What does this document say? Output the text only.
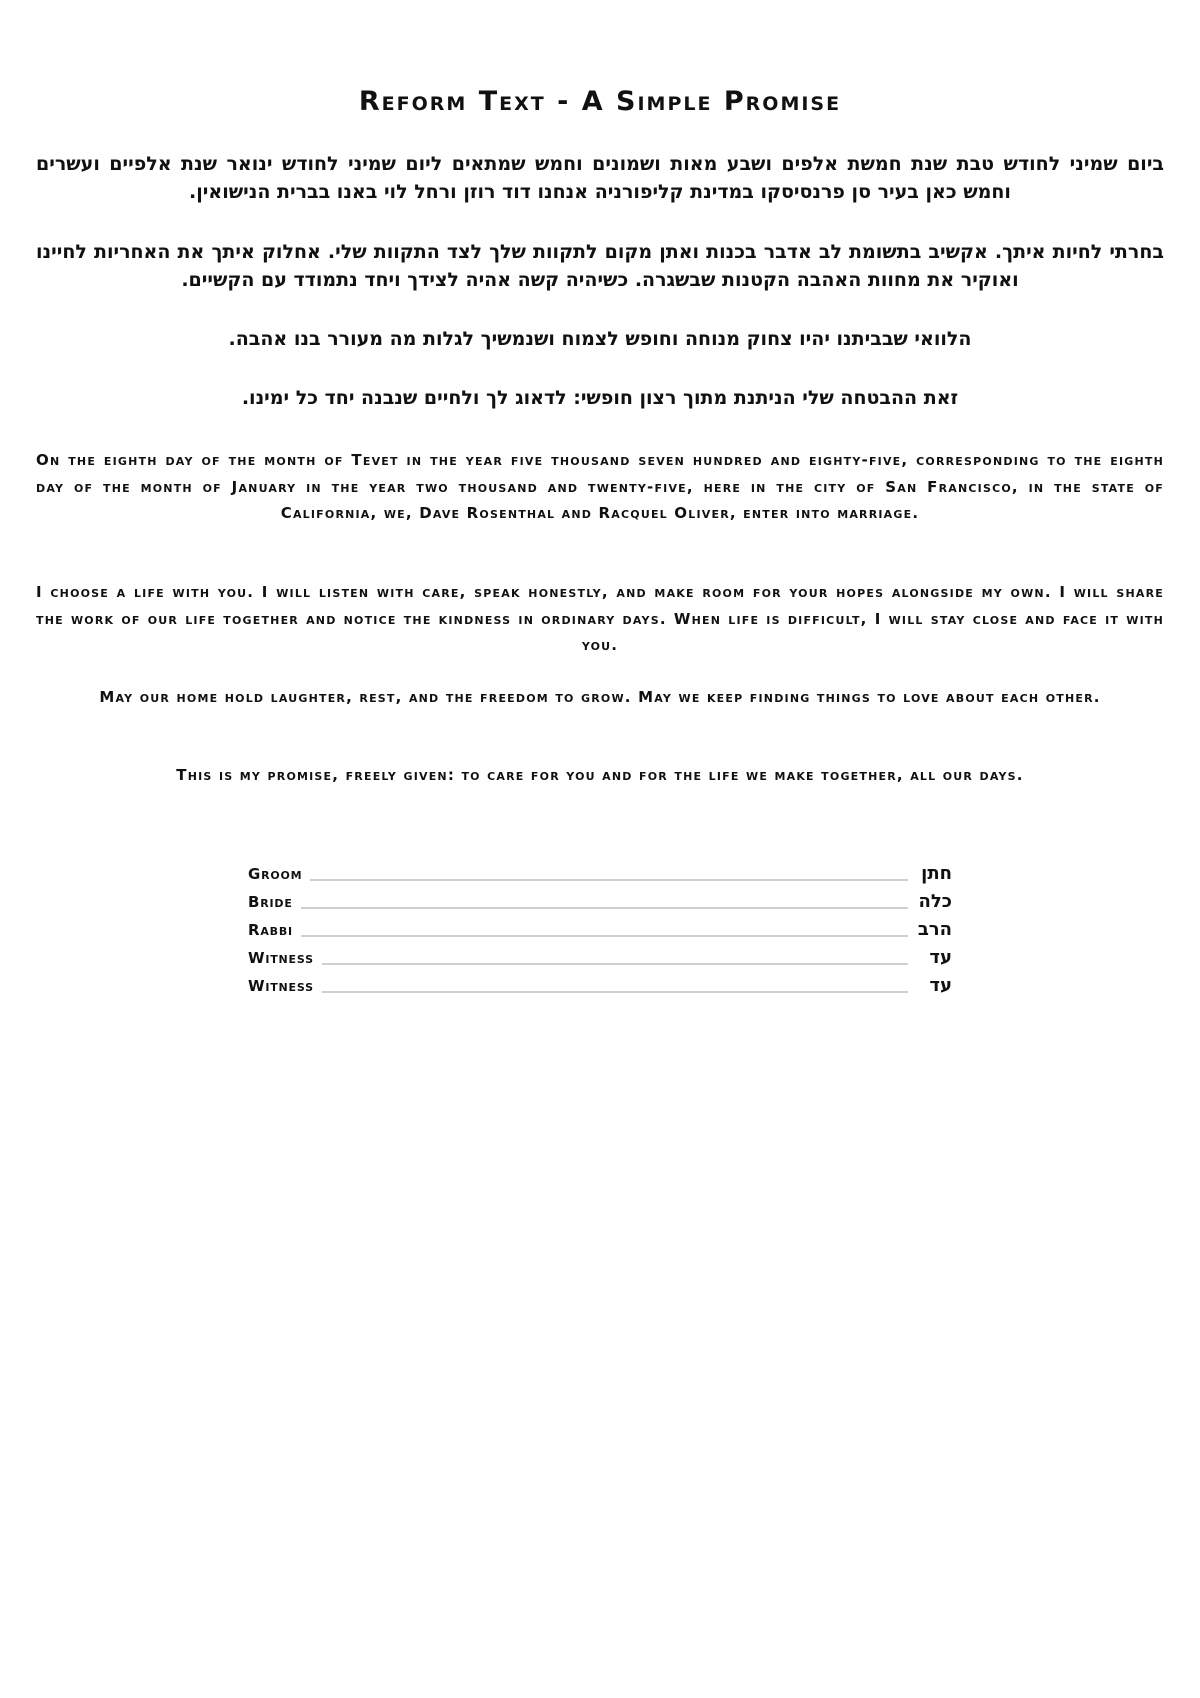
Reform Text - A Simple Promise

ביום שמיני לחודש טבת שנת חמשת אלפים ושבע מאות ושמונים וחמש שמתאים ליום שמיני לחודש ינואר שנת אלפיים ועשרים וחמש כאן בעיר סן פרנסיסקו במדינת קליפורניה אנחנו דוד רוזן ורחל לוי באנו בברית הנישואין.

בחרתי לחיות איתך. אקשיב בתשומת לב אדבר בכנות ואתן מקום לתקוות שלך לצד התקוות שלי. אחלוק איתך את האחריות לחיינו ואוקיר את מחוות האהבה הקטנות שבשגרה. כשיהיה קשה אהיה לצידך ויחד נתמודד עם הקשיים.

הלוואי שבביתנו יהיו צחוק מנוחה וחופש לצמוח ושנמשיך לגלות מה מעורר בנו אהבה.

זאת ההבטחה שלי הניתנת מתוך רצון חופשי: לדאוג לך ולחיים שנבנה יחד כל ימינו.

On the eighth day of the month of Tevet in the year five thousand seven hundred and eighty-five, corresponding to the eighth day of the month of January in the year two thousand and twenty-five, here in the city of San Francisco, in the state of California, we, Dave Rosenthal and Racquel Oliver, enter into marriage.

I choose a life with you. I will listen with care, speak honestly, and make room for your hopes alongside my own. I will share the work of our life together and notice the kindness in ordinary days. When life is difficult, I will stay close and face it with you.

May our home hold laughter, rest, and the freedom to grow. May we keep finding things to love about each other.

This is my promise, freely given: to care for you and for the life we make together, all our days.

Groom	חתן
Bride	כלה
Rabbi	הרב
Witness	עד
Witness	עד
